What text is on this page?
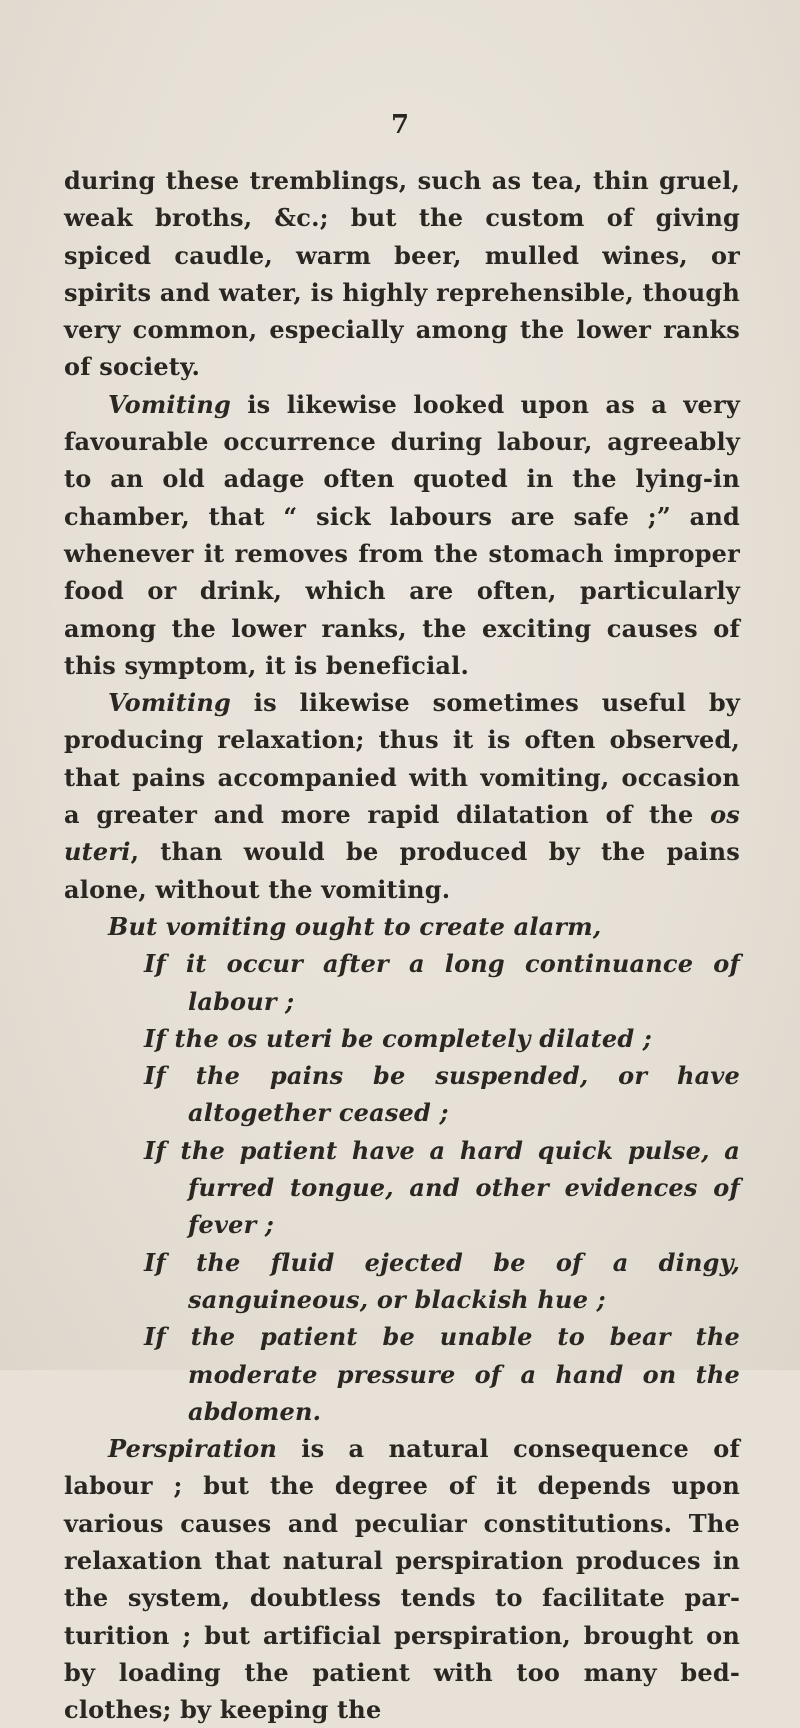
7

during these tremblings, such as tea, thin gruel, weak broths, &c.; but the custom of giving spiced caudle, warm beer, mulled wines, or spirits and water, is highly reprehensible, though very common, especially among the lower ranks of society.

Vomiting is likewise looked upon as a very favourable occurrence during labour, agreeably to an old adage often quoted in the lying-in chamber, that “ sick labours are safe ;” and whenever it removes from the stomach improper food or drink, which are often, particularly among the lower ranks, the exciting causes of this symptom, it is beneficial.

Vomiting is likewise sometimes useful by producing relaxation; thus it is often observed, that pains accompanied with vomiting, occasion a greater and more rapid dilatation of the os uteri, than would be produced by the pains alone, without the vomiting.

But vomiting ought to create alarm,

If it occur after a long continuance of labour ;
If the os uteri be completely dilated ;
If the pains be suspended, or have altogether ceased ;
If the patient have a hard quick pulse, a furred tongue, and other evidences of fever ;
If the fluid ejected be of a dingy, sanguineous, or blackish hue ;
If the patient be unable to bear the moderate pressure of a hand on the abdomen.

Perspiration is a natural consequence of labour ; but the degree of it depends upon various causes and peculiar constitutions. The relaxation that natural perspiration produces in the system, doubtless tends to facilitate parturition ; but artificial perspiration, brought on by loading the patient with too many bed-clothes; by keeping the
